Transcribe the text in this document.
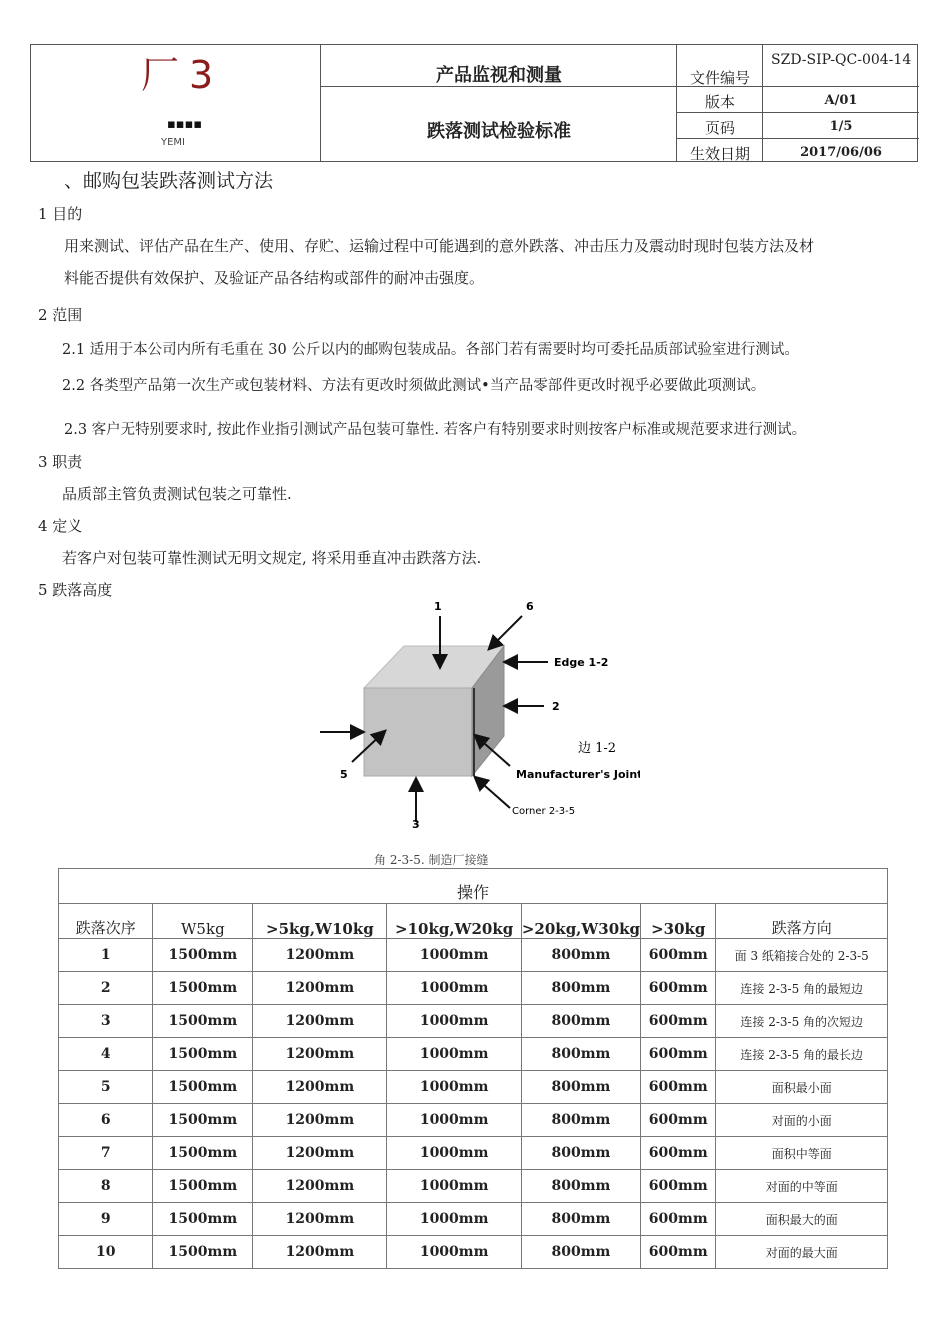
厂3
▪▪▪▪
YEMI
产品监视和测量
跌落测试检验标准
文件编号
SZD-SIP-QC-004-14
版本	A/01
页码	1/5
生效日期	2017/06/06
、邮购包装跌落测试方法
1 目的
用来测试、评估产品在生产、使用、存贮、运输过程中可能遇到的意外跌落、冲击压力及震动时现时包装方法及材
料能否提供有效保护、及验证产品各结构或部件的耐冲击强度。
2 范围
2.1 适用于本公司内所有毛重在 30 公斤以内的邮购包装成品。各部门若有需要时均可委托品质部试验室进行测试。
2.2 各类型产品第一次生产或包装材料、方法有更改时须做此测试•当产品零部件更改时视乎必要做此项测试。
2.3 客户无特别要求时, 按此作业指引测试产品包装可靠性. 若客户有特别要求时则按客户标准或规范要求进行测试。
3 职责
品质部主管负责测试包装之可靠性.
4 定义
若客户对包装可靠性测试无明文规定, 将采用垂直冲击跌落方法.
5 跌落高度
1	6
Edge 1-2
2
边 1-2
Manufacturer's Joint
Corner 2-3-5
3
5
角 2-3-5. 制造厂接缝
操作						
跌落次序	W5kg	>5kg,W10kg	>10kg,W20kg	>20kg,W30kg	>30kg	跌落方向
1	1500mm	1200mm	1000mm	800mm	600mm	面 3 纸箱接合处的 2-3-5
2	1500mm	1200mm	1000mm	800mm	600mm	连接 2-3-5 角的最短边
3	1500mm	1200mm	1000mm	800mm	600mm	连接 2-3-5 角的次短边
4	1500mm	1200mm	1000mm	800mm	600mm	连接 2-3-5 角的最长边
5	1500mm	1200mm	1000mm	800mm	600mm	面积最小面
6	1500mm	1200mm	1000mm	800mm	600mm	对面的小面
7	1500mm	1200mm	1000mm	800mm	600mm	面积中等面
8	1500mm	1200mm	1000mm	800mm	600mm	对面的中等面
9	1500mm	1200mm	1000mm	800mm	600mm	面积最大的面
10	1500mm	1200mm	1000mm	800mm	600mm	对面的最大面
